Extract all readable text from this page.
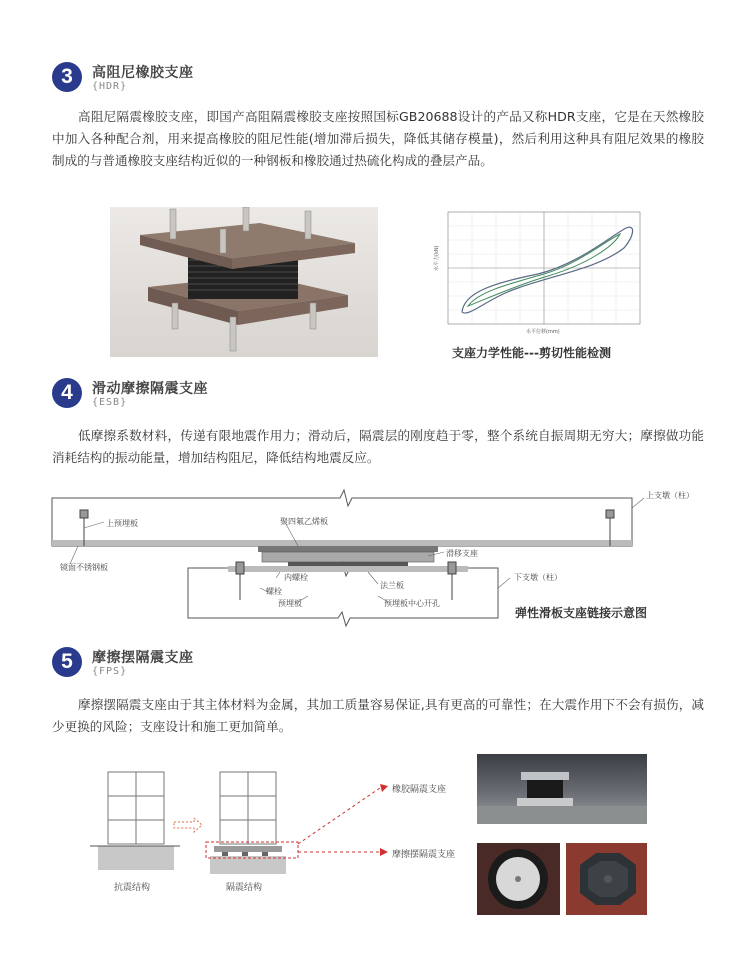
3	高阻尼橡胶支座
{HDR}
高阻尼隔震橡胶支座，即国产高阻隔震橡胶支座按照国标GB20688设计的产品又称HDR支座，它是在天然橡胶中加入各种配合剂，用来提高橡胶的阻尼性能(增加滞后损失，降低其储存模量)，然后利用这种具有阻尼效果的橡胶制成的与普通橡胶支座结构近似的一种钢板和橡胶通过热硫化构成的叠层产品。
水平力(kN)
水平位移(mm)
支座力学性能---剪切性能检测
4	滑动摩擦隔震支座
{ESB}
低摩擦系数材料，传递有限地震作用力；滑动后，隔震层的刚度趋于零，整个系统自振周期无穷大；摩擦做功能消耗结构的振动能量，增加结构阻尼，降低结构地震反应。
上支墩（柱）
上预埋板	聚四氟乙烯板
镜面不锈钢板
滑移支座
内螺栓
法兰板
下支墩（柱）
螺栓
预埋板	预埋板中心开孔
弹性滑板支座链接示意图
5	摩擦摆隔震支座
{FPS}
摩擦摆隔震支座由于其主体材料为金属，其加工质量容易保证,具有更高的可靠性；在大震作用下不会有损伤，减少更换的风险；支座设计和施工更加简单。
抗震结构	隔震结构
橡胶隔震支座
摩擦摆隔震支座
